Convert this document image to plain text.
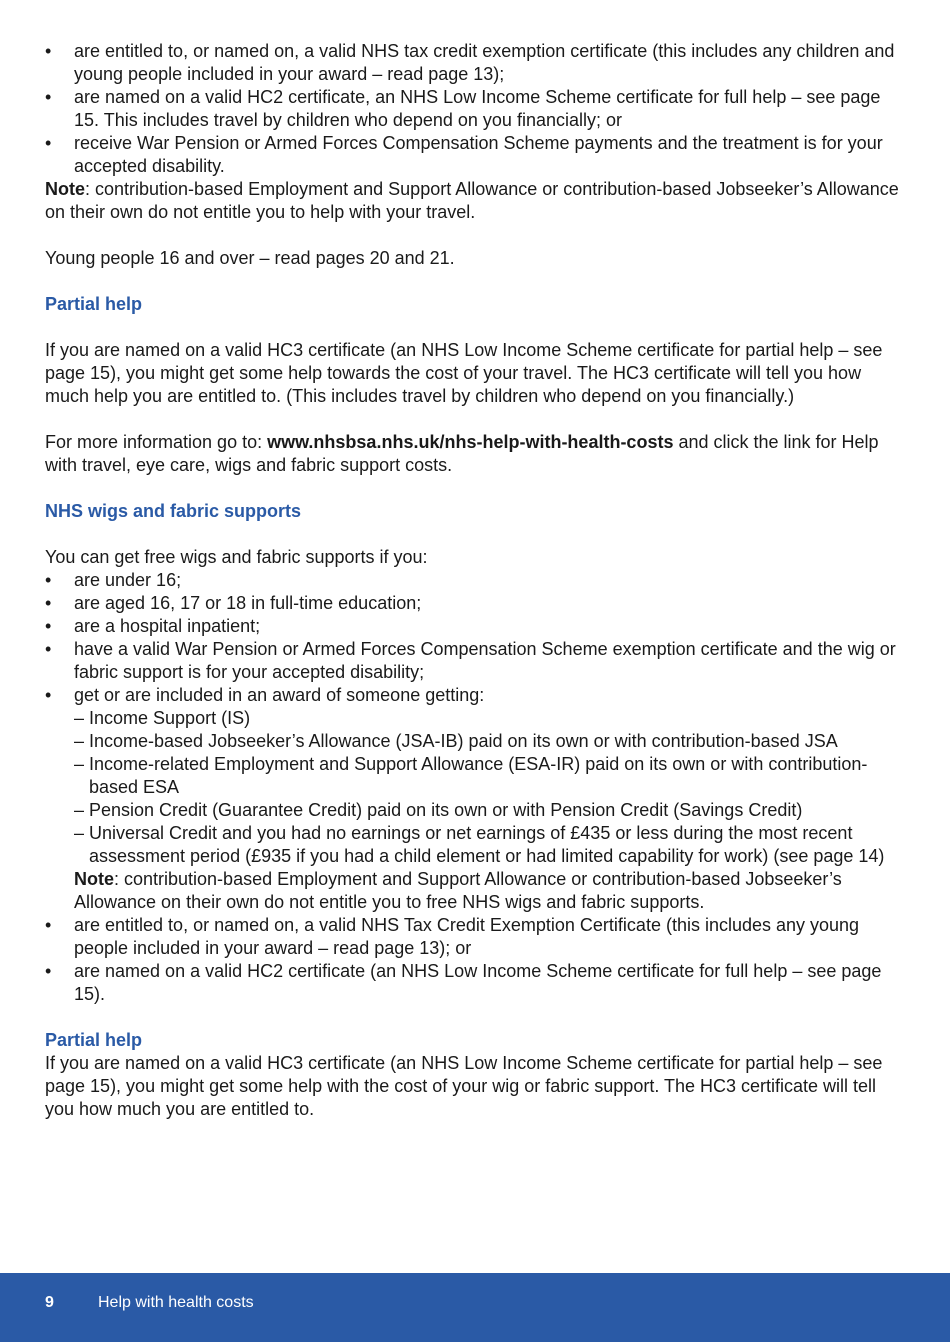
• are entitled to, or named on, a valid NHS tax credit exemption certificate (this includes any children and young people included in your award – read page 13);
• are named on a valid HC2 certificate, an NHS Low Income Scheme certificate for full help – see page 15. This includes travel by children who depend on you financially; or
• receive War Pension or Armed Forces Compensation Scheme payments and the treatment is for your accepted disability.

Note: contribution-based Employment and Support Allowance or contribution-based Jobseeker’s Allowance on their own do not entitle you to help with your travel.

Young people 16 and over – read pages 20 and 21.

Partial help

If you are named on a valid HC3 certificate (an NHS Low Income Scheme certificate for partial help – see page 15), you might get some help towards the cost of your travel. The HC3 certificate will tell you how much help you are entitled to. (This includes travel by children who depend on you financially.)

For more information go to: www.nhsbsa.nhs.uk/nhs-help-with-health-costs and click the link for Help with travel, eye care, wigs and fabric support costs.

NHS wigs and fabric supports

You can get free wigs and fabric supports if you:

• are under 16;
• are aged 16, 17 or 18 in full-time education;
• are a hospital inpatient;
• have a valid War Pension or Armed Forces Compensation Scheme exemption certificate and the wig or fabric support is for your accepted disability;
• get or are included in an award of someone getting:
– Income Support (IS)
– Income-based Jobseeker’s Allowance (JSA-IB) paid on its own or with contribution-based JSA
– Income-related Employment and Support Allowance (ESA-IR) paid on its own or with contribution-based ESA
– Pension Credit (Guarantee Credit) paid on its own or with Pension Credit (Savings Credit)
– Universal Credit and you had no earnings or net earnings of £435 or less during the most recent assessment period (£935 if you had a child element or had limited capability for work) (see page 14)

Note: contribution-based Employment and Support Allowance or contribution-based Jobseeker’s Allowance on their own do not entitle you to free NHS wigs and fabric supports.

• are entitled to, or named on, a valid NHS Tax Credit Exemption Certificate (this includes any young people included in your award – read page 13); or
• are named on a valid HC2 certificate (an NHS Low Income Scheme certificate for full help – see page 15).
Partial help

If you are named on a valid HC3 certificate (an NHS Low Income Scheme certificate for partial help – see page 15), you might get some help with the cost of your wig or fabric support. The HC3 certificate will tell you how much you are entitled to.

9	Help with health costs
